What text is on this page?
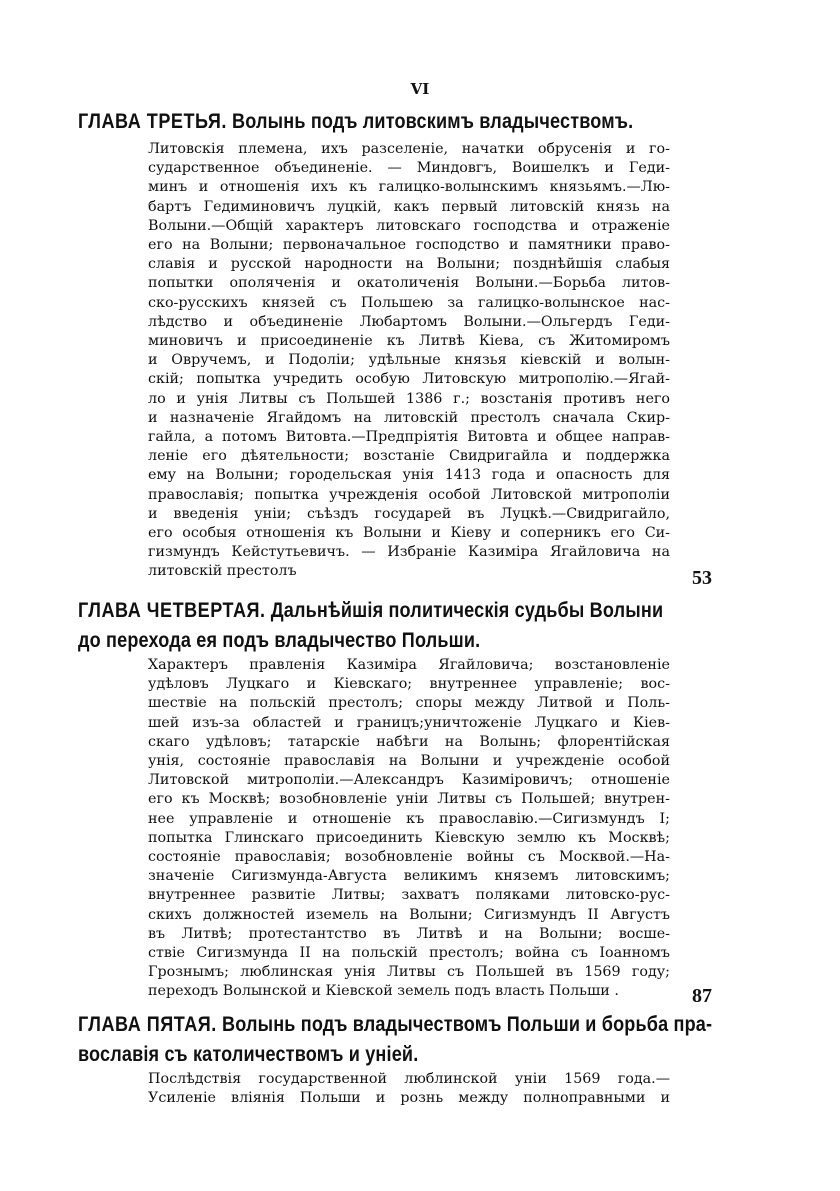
VI
ГЛАВА ТРЕТЬЯ. Волынь подъ литовскимъ владычествомъ.
Литовскія племена, ихъ разселеніе, начатки обрусенія и го-
сударственное объединеніе. — Миндовгъ, Воишелкъ и Геди-
минъ и отношенія ихъ къ галицко-волынскимъ князьямъ.—Лю-
бартъ Гедиминовичъ луцкій, какъ первый литовскій князь на
Волыни.—Общій характеръ литовскаго господства и отраженіе
его на Волыни; первоначальное господство и памятники право-
славія и русской народности на Волыни; позднѣйшія слабыя
попытки ополяченія и окатоличенія Волыни.—Борьба литов-
ско-русскихъ князей съ Польшею за галицко-волынское нас-
лѣдство и объединеніе Любартомъ Волыни.—Ольгердъ Геди-
миновичъ и присоединеніе къ Литвѣ Кіева, съ Житомиромъ
и Овручемъ, и Подоліи; удѣльные князья кіевскій и волын-
скій; попытка учредить особую Литовскую митрополію.—Ягай-
ло и унія Литвы съ Польшей 1386 г.; возстанія противъ него
и назначеніе Ягайдомъ на литовскій престолъ сначала Скир-
гайла, а потомъ Витовта.—Предпріятія Витовта и общее направ-
леніе его дѣятельности; возстаніе Свидригайла и поддержка
ему на Волыни; городельская унія 1413 года и опасность для
православія; попытка учрежденія особой Литовской митрополіи
и введенія уніи; съѣздъ государей въ Луцкѣ.—Свидригайло,
его особыя отношенія къ Волыни и Кіеву и соперникъ его Си-
гизмундъ Кейстутьевичъ. — Избраніе Казиміра Ягайловича на
литовскій престолъ	53
ГЛАВА ЧЕТВЕРТАЯ. Дальнѣйшія политическія судьбы Волыни
до перехода ея подъ владычество Польши.
Характеръ правленія Казиміра Ягайловича; возстановленіе
удѣловъ Луцкаго и Кіевскаго; внутреннее управленіе; вос-
шествіе на польскій престолъ; споры между Литвой и Поль-
шей изъ-за областей и границъ;уничтоженіе Луцкаго и Кіев-
скаго удѣловъ; татарскіе набѣги на Волынь; флорентійская
унія, состояніе православія на Волыни и учрежденіе особой
Литовской митрополіи.—Александръ Казиміровичъ; отношеніе
его къ Москвѣ; возобновленіе уніи Литвы съ Польшей; внутрен-
нее управленіе и отношеніе къ православію.—Сигизмундъ I;
попытка Глинскаго присоединить Кіевскую землю къ Москвѣ;
состояніе православія; возобновленіе войны съ Москвой.—На-
значеніе Сигизмунда-Августа великимъ княземъ литовскимъ;
внутреннее развитіе Литвы; захватъ поляками литовско-рус-
скихъ должностей иземель на Волыни; Сигизмундъ II Августъ
въ Литвѣ; протестантство въ Литвѣ и на Волыни; восше-
ствіе Сигизмунда II на польскій престолъ; война съ Іоанномъ
Грознымъ; люблинская унія Литвы съ Польшей въ 1569 году;
переходъ Волынской и Кіевской земель подъ власть Польши .	87
ГЛАВА ПЯТАЯ. Волынь подъ владычествомъ Польши и борьба пра-
вославія съ католичествомъ и уніей.
Послѣдствія государственной люблинской уніи 1569 года.—
Усиленіе вліянія Польши и рознь между полноправными и
